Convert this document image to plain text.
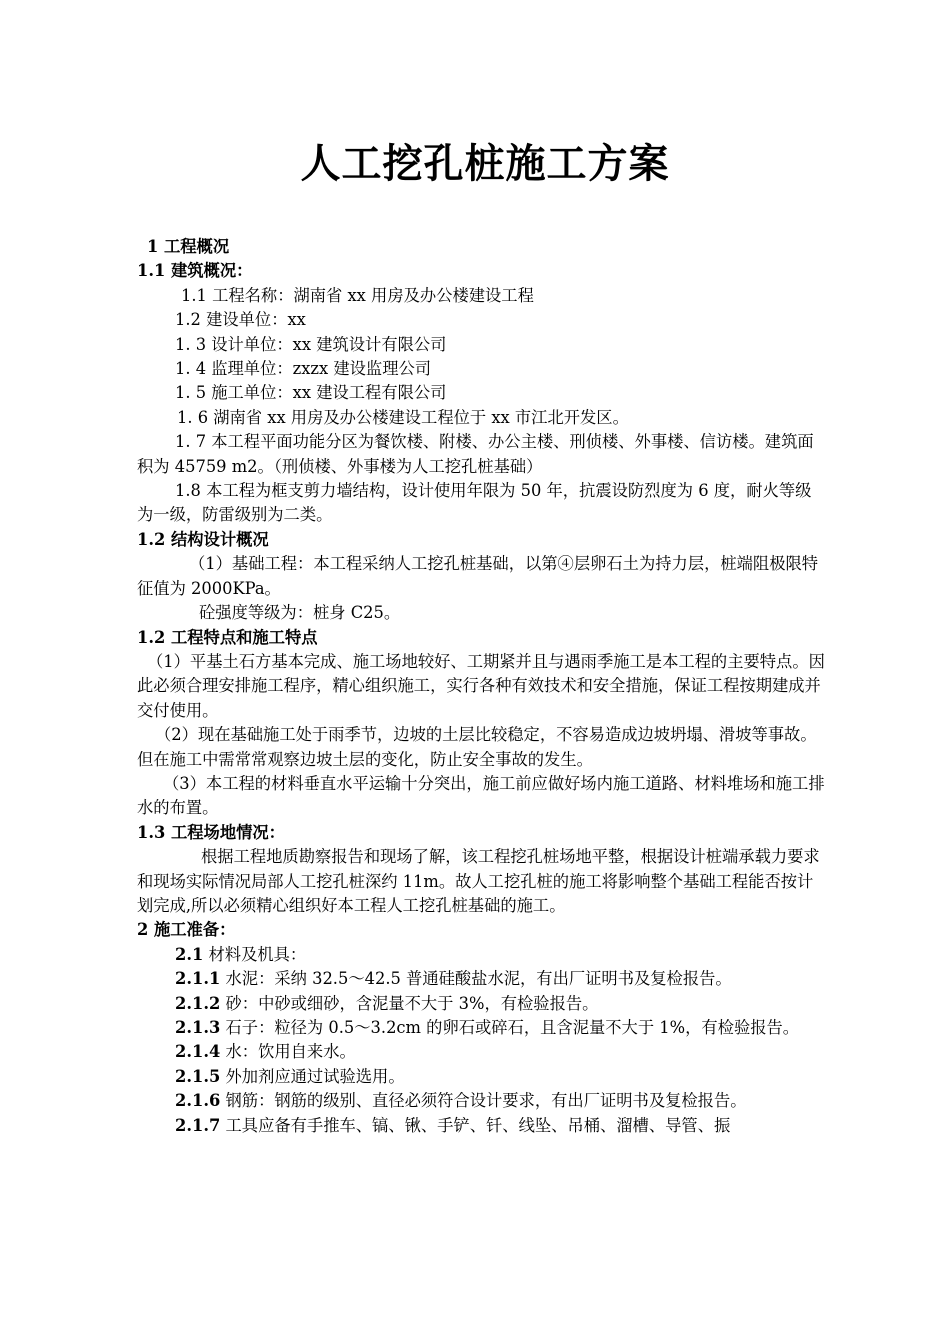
人工挖孔桩施工方案

1 工程概况

1.1 建筑概况：

1.1 工程名称：湖南省 xx 用房及办公楼建设工程

1.2 建设单位：xx

1. 3 设计单位：xx 建筑设计有限公司

1. 4 监理单位：zxzx 建设监理公司

1. 5 施工单位：xx 建设工程有限公司

1. 6 湖南省 xx 用房及办公楼建设工程位于 xx 市江北开发区。

1. 7 本工程平面功能分区为餐饮楼、附楼、办公主楼、刑侦楼、外事楼、信访楼。建筑面积为 45759 m2。（刑侦楼、外事楼为人工挖孔桩基础）

1.8 本工程为框支剪力墙结构，设计使用年限为 50 年，抗震设防烈度为 6 度，耐火等级为一级，防雷级别为二类。

1.2 结构设计概况

（1）基础工程：本工程采纳人工挖孔桩基础，以第④层卵石土为持力层，桩端阻极限特征值为 2000KPa。

砼强度等级为：桩身 C25。

1.2 工程特点和施工特点

（1）平基土石方基本完成、施工场地较好、工期紧并且与遇雨季施工是本工程的主要特点。因此必须合理安排施工程序，精心组织施工，实行各种有效技术和安全措施，保证工程按期建成并交付使用。

（2）现在基础施工处于雨季节，边坡的土层比较稳定，不容易造成边坡坍塌、滑坡等事故。但在施工中需常常观察边坡土层的变化，防止安全事故的发生。

（3）本工程的材料垂直水平运输十分突出，施工前应做好场内施工道路、材料堆场和施工排水的布置。

1.3 工程场地情况：

根据工程地质勘察报告和现场了解，该工程挖孔桩场地平整，根据设计桩端承载力要求和现场实际情况局部人工挖孔桩深约 11m。故人工挖孔桩的施工将影响整个基础工程能否按计划完成,所以必须精心组织好本工程人工挖孔桩基础的施工。

2 施工准备：

2.1 材料及机具：

2.1.1 水泥：采纳 32.5～42.5 普通硅酸盐水泥，有出厂证明书及复检报告。

2.1.2 砂：中砂或细砂，含泥量不大于 3%，有检验报告。

2.1.3 石子：粒径为 0.5～3.2cm 的卵石或碎石，且含泥量不大于 1%，有检验报告。

2.1.4 水：饮用自来水。

2.1.5 外加剂应通过试验选用。

2.1.6 钢筋：钢筋的级别、直径必须符合设计要求，有出厂证明书及复检报告。

2.1.7 工具应备有手推车、镐、锹、手铲、钎、线坠、吊桶、溜槽、导管、振
